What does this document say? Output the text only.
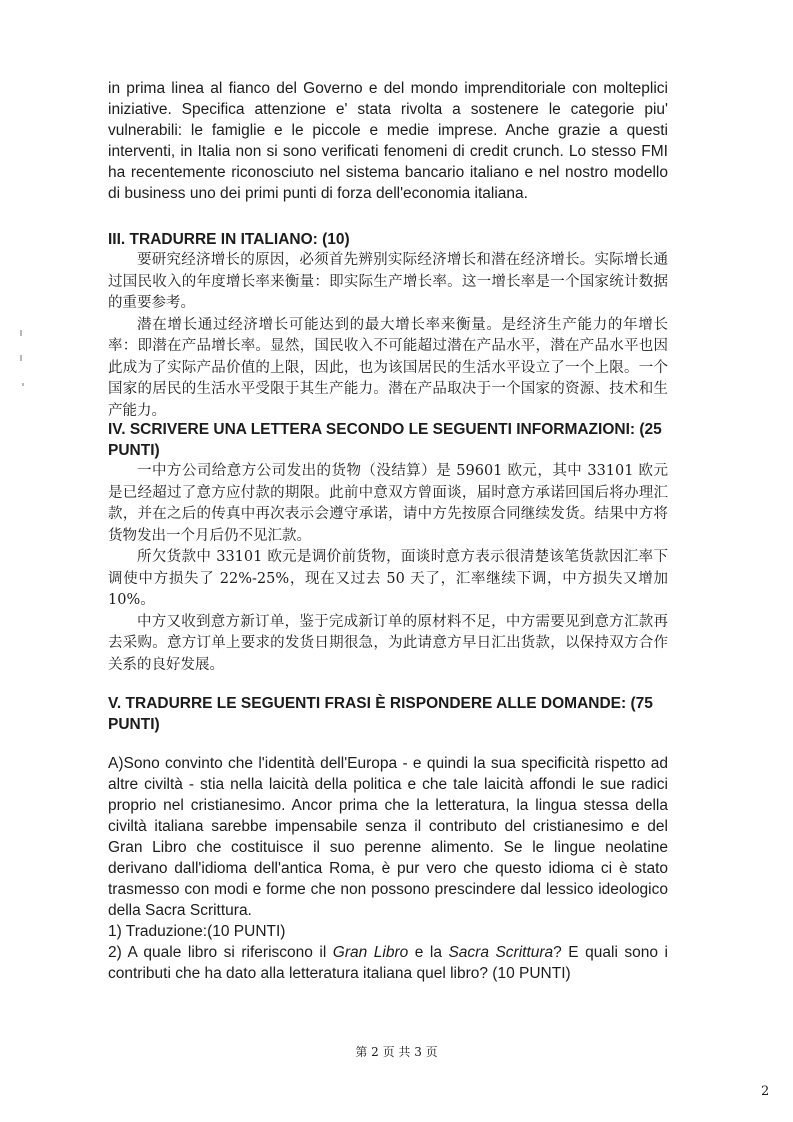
in prima linea al fianco del Governo e del mondo imprenditoriale con molteplici iniziative. Specifica attenzione e' stata rivolta a sostenere le categorie piu' vulnerabili: le famiglie e le piccole e medie imprese. Anche grazie a questi interventi, in Italia non si sono verificati fenomeni di credit crunch. Lo stesso FMI ha recentemente riconosciuto nel sistema bancario italiano e nel nostro modello di business uno dei primi punti di forza dell'economia italiana.

III. TRADURRE IN ITALIANO: (10)

要研究经济增长的原因，必须首先辨别实际经济增长和潜在经济增长。实际增长通过国民收入的年度增长率来衡量：即实际生产增长率。这一增长率是一个国家统计数据的重要参考。

潜在增长通过经济增长可能达到的最大增长率来衡量。是经济生产能力的年增长率：即潜在产品增长率。显然，国民收入不可能超过潜在产品水平，潜在产品水平也因此成为了实际产品价值的上限，因此，也为该国居民的生活水平设立了一个上限。一个国家的居民的生活水平受限于其生产能力。潜在产品取决于一个国家的资源、技术和生产能力。

IV. SCRIVERE UNA LETTERA SECONDO LE SEGUENTI INFORMAZIONI: (25 PUNTI)

一中方公司给意方公司发出的货物（没结算）是 59601 欧元，其中 33101 欧元是已经超过了意方应付款的期限。此前中意双方曾面谈，届时意方承诺回国后将办理汇款，并在之后的传真中再次表示会遵守承诺，请中方先按原合同继续发货。结果中方将货物发出一个月后仍不见汇款。

所欠货款中 33101 欧元是调价前货物，面谈时意方表示很清楚该笔货款因汇率下调使中方损失了 22%-25%，现在又过去 50 天了，汇率继续下调，中方损失又增加 10%。

中方又收到意方新订单，鉴于完成新订单的原材料不足，中方需要见到意方汇款再去采购。意方订单上要求的发货日期很急，为此请意方早日汇出货款，以保持双方合作关系的良好发展。

V. TRADURRE LE SEGUENTI FRASI È RISPONDERE ALLE DOMANDE: (75 PUNTI)

A)Sono convinto che l'identità dell'Europa - e quindi la sua specificità rispetto ad altre civiltà - stia nella laicità della politica e che tale laicità affondi le sue radici proprio nel cristianesimo. Ancor prima che la letteratura, la lingua stessa della civiltà italiana sarebbe impensabile senza il contributo del cristianesimo e del Gran Libro che costituisce il suo perenne alimento. Se le lingue neolatine derivano dall'idioma dell'antica Roma, è pur vero che questo idioma ci è stato trasmesso con modi e forme che non possono prescindere dal lessico ideologico della Sacra Scrittura.

1) Traduzione:(10 PUNTI)

2) A quale libro si riferiscono il Gran Libro e la Sacra Scrittura? E quali sono i contributi che ha dato alla letteratura italiana quel libro? (10 PUNTI)

第 2 页 共 3 页
2
